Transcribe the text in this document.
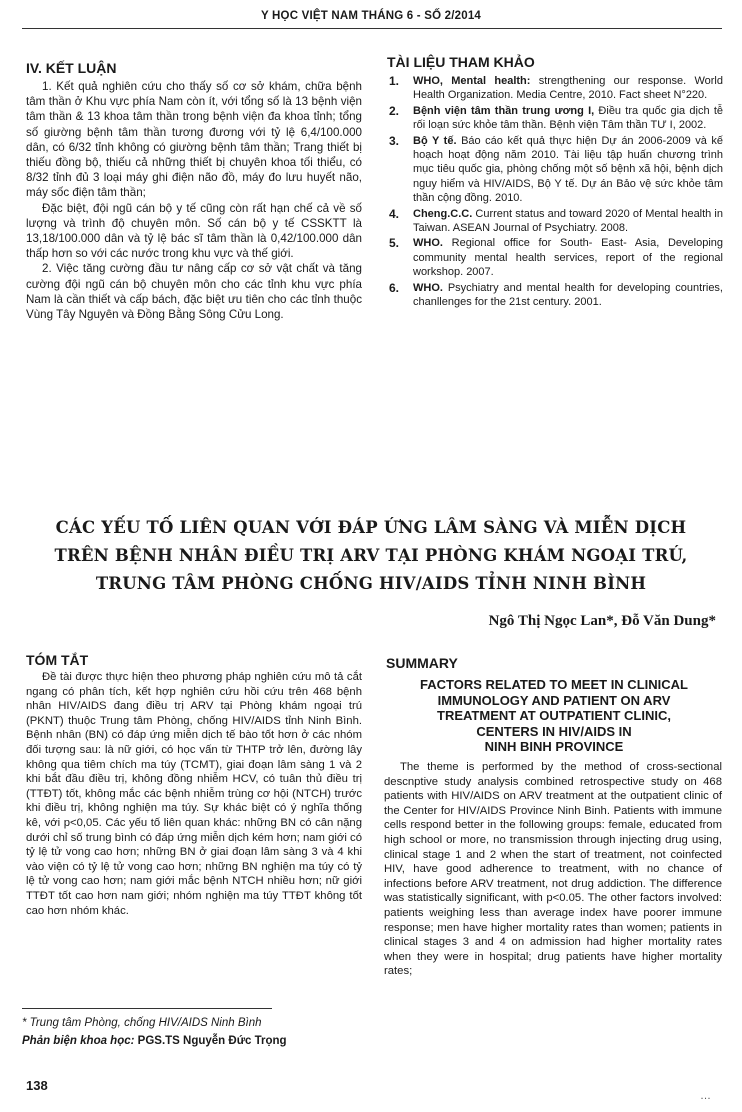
Y HỌC VIỆT NAM THÁNG 6 - SỐ 2/2014
IV. KẾT LUẬN

1. Kết quả nghiên cứu cho thấy số cơ sở khám, chữa bệnh tâm thần ở Khu vực phía Nam còn ít, với tổng số là 13 bệnh viện tâm thần & 13 khoa tâm thần trong bệnh viện đa khoa tỉnh; tổng số giường bệnh tâm thần tương đương với tỷ lệ 6,4/100.000 dân, có 6/32 tỉnh không có giường bệnh tâm thần; Trang thiết bị thiếu đồng bộ, thiếu cả những thiết bị chuyên khoa tối thiểu, có 8/32 tỉnh đủ 3 loại máy ghi điện não đồ, máy đo lưu huyết não, máy sốc điện tâm thần;

Đặc biệt, đội ngũ cán bộ y tế cũng còn rất hạn chế cả về số lượng và trình độ chuyên môn. Số cán bộ y tế CSSKTT là 13,18/100.000 dân và tỷ lệ bác sĩ tâm thần là 0,42/100.000 dân thấp hơn so với các nước trong khu vực và thế giới.

2. Việc tăng cường đầu tư nâng cấp cơ sở vật chất và tăng cường đội ngũ cán bộ chuyên môn cho các tỉnh khu vực phía Nam là cần thiết và cấp bách, đặc biệt ưu tiên cho các tỉnh thuộc Vùng Tây Nguyên và Đồng Bằng Sông Cửu Long.

TÀI LIỆU THAM KHẢO
1. WHO, Mental health: strengthening our response. World Health Organization. Media Centre, 2010. Fact sheet N°220.
2. Bệnh viện tâm thần trung ương I, Điều tra quốc gia dịch tễ rối loạn sức khỏe tâm thần. Bệnh viện Tâm thần TƯ I, 2002.
3. Bộ Y tế. Báo cáo kết quả thực hiện Dự án 2006-2009 và kế hoạch hoạt động năm 2010. Tài liệu tập huấn chương trình mục tiêu quốc gia, phòng chống một số bệnh xã hội, bệnh dịch nguy hiểm và HIV/AIDS, Bộ Y tế. Dự án Bảo vệ sức khỏe tâm thần cộng đồng. 2010.
4. Cheng.C.C. Current status and toward 2020 of Mental health in Taiwan. ASEAN Journal of Psychiatry. 2008.
5. WHO. Regional office for South- East- Asia, Developing community mental health services, report of the regional workshop. 2007.
6. WHO. Psychiatry and mental health for developing countries, chanllenges for the 21st century. 2001.
CÁC YẾU TỐ LIÊN QUAN VỚI ĐÁP ỨNG LÂM SÀNG VÀ MIỄN DỊCH
TRÊN BỆNH NHÂN ĐIỀU TRỊ ARV TẠI PHÒNG KHÁM NGOẠI TRÚ,
TRUNG TÂM PHÒNG CHỐNG HIV/AIDS TỈNH NINH BÌNH
Ngô Thị Ngọc Lan*, Đỗ Văn Dung*
TÓM TẮT

Đề tài được thực hiện theo phương pháp nghiên cứu mô tả cắt ngang có phân tích, kết hợp nghiên cứu hồi cứu trên 468 bệnh nhân HIV/AIDS đang điều trị ARV tại Phòng khám ngoại trú (PKNT) thuộc Trung tâm Phòng, chống HIV/AIDS tỉnh Ninh Bình. Bệnh nhân (BN) có đáp ứng miễn dịch tế bào tốt hơn ở các nhóm đối tượng sau: là nữ giới, có học vấn từ THTP trở lên, đường lây không qua tiêm chích ma túy (TCMT), giai đoạn lâm sàng 1 và 2 khi bắt đầu điều trị, không đồng nhiễm HCV, có tuân thủ điều trị (TTĐT) tốt, không mắc các bệnh nhiễm trùng cơ hội (NTCH) trước khi điều trị, không nghiện ma túy. Sự khác biệt có ý nghĩa thống kê, với p<0,05. Các yếu tố liên quan khác: những BN có cân nặng dưới chỉ số trung bình có đáp ứng miễn dịch kém hơn; nam giới có tỷ lệ tử vong cao hơn; những BN ở giai đoạn lâm sàng 3 và 4 khi vào viện có tỷ lệ tử vong cao hơn; những BN nghiện ma túy có tỷ lệ tử vong cao hơn; nam giới mắc bệnh NTCH nhiều hơn; nữ giới TTĐT tốt cao hơn nam giới; nhóm nghiện ma túy TTĐT không tốt cao hơn nhóm khác.

* Trung tâm Phòng, chống HIV/AIDS Ninh Bình
Phản biện khoa học: PGS.TS Nguyễn Đức Trọng
SUMMARY
FACTORS RELATED TO MEET IN CLINICAL
IMMUNOLOGY AND PATIENT ON ARV
TREATMENT AT OUTPATIENT CLINIC,
CENTERS IN HIV/AIDS IN
NINH BINH PROVINCE

The theme is performed by the method of cross-sectional descnptive study analysis combined retrospective study on 468 patients with HIV/AIDS on ARV treatment at the outpatient clinic of the Center for HIV/AIDS Province Ninh Binh. Patients with immune cells respond better in the following groups: female, educated from high school or more, no transmission through injecting drug using, clinical stage 1 and 2 when the start of treatment, not coinfected HIV, have good adherence to treatment, with no chance of infections before ARV treatment, not drug addiction. The difference was statistically significant, with p<0.05. The other factors involved: patients weighing less than average index have poorer immune response; men have higher mortality rates than women; patients in clinical stages 3 and 4 on admission had higher mortality rates when they were in hospital; drug patients have higher mortality rates;

138
…
